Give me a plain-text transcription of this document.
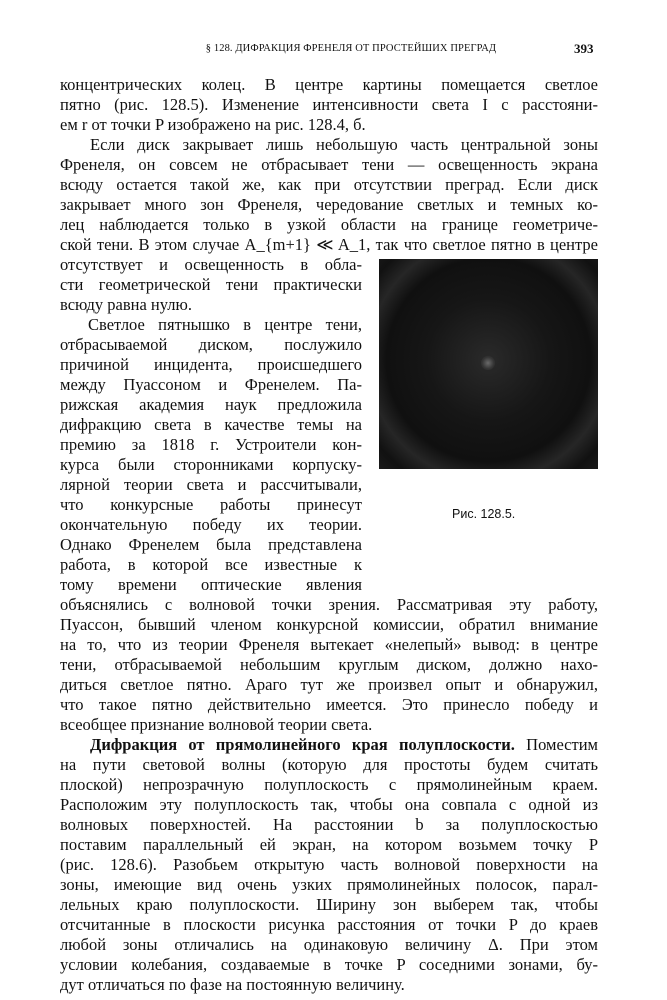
§ 128. ДИФРАКЦИЯ ФРЕНЕЛЯ ОТ ПРОСТЕЙШИХ ПРЕГРАД	393
концентрических колец. В центре картины помещается светлое
пятно (рис. 128.5). Изменение интенсивности света I с расстояни-
ем r от точки P изображено на рис. 128.4, б.
Если диск закрывает лишь небольшую часть центральной зоны
Френеля, он совсем не отбрасывает тени — освещенность экрана
всюду остается такой же, как при отсутствии преград. Если диск
закрывает много зон Френеля, чередование светлых и темных ко-
лец наблюдается только в узкой области на границе геометриче-
ской тени. В этом случае A_{m+1} ≪ A_1, так что светлое пятно в центре
отсутствует и освещенность в обла-
сти геометрической тени практически
всюду равна нулю.
Светлое пятнышко в центре тени,
отбрасываемой диском, послужило
причиной инцидента, происшедшего
между Пуассоном и Френелем. Па-
рижская академия наук предложила
дифракцию света в качестве темы на
премию за 1818 г. Устроители кон-
курса были сторонниками корпуску-
лярной теории света и рассчитывали,
что конкурсные работы принесут
окончательную победу их теории.
Однако Френелем была представлена
работа, в которой все известные к
тому времени оптические явления
объяснялись с волновой точки зрения. Рассматривая эту работу,
Пуассон, бывший членом конкурсной комиссии, обратил внимание
на то, что из теории Френеля вытекает «нелепый» вывод: в центре
тени, отбрасываемой небольшим круглым диском, должно нахо-
диться светлое пятно. Араго тут же произвел опыт и обнаружил,
что такое пятно действительно имеется. Это принесло победу и
всеобщее признание волновой теории света.
Дифракция от прямолинейного края полуплоскости. Поместим
на пути световой волны (которую для простоты будем считать
плоской) непрозрачную полуплоскость с прямолинейным краем.
Расположим эту полуплоскость так, чтобы она совпала с одной из
волновых поверхностей. На расстоянии b за полуплоскостью
поставим параллельный ей экран, на котором возьмем точку P
(рис. 128.6). Разобьем открытую часть волновой поверхности на
зоны, имеющие вид очень узких прямолинейных полосок, парал-
лельных краю полуплоскости. Ширину зон выберем так, чтобы
отсчитанные в плоскости рисунка расстояния от точки P до краев
любой зоны отличались на одинаковую величину Δ. При этом
условии колебания, создаваемые в точке P соседними зонами, бу-
дут отличаться по фазе на постоянную величину.
Рис. 128.5.
